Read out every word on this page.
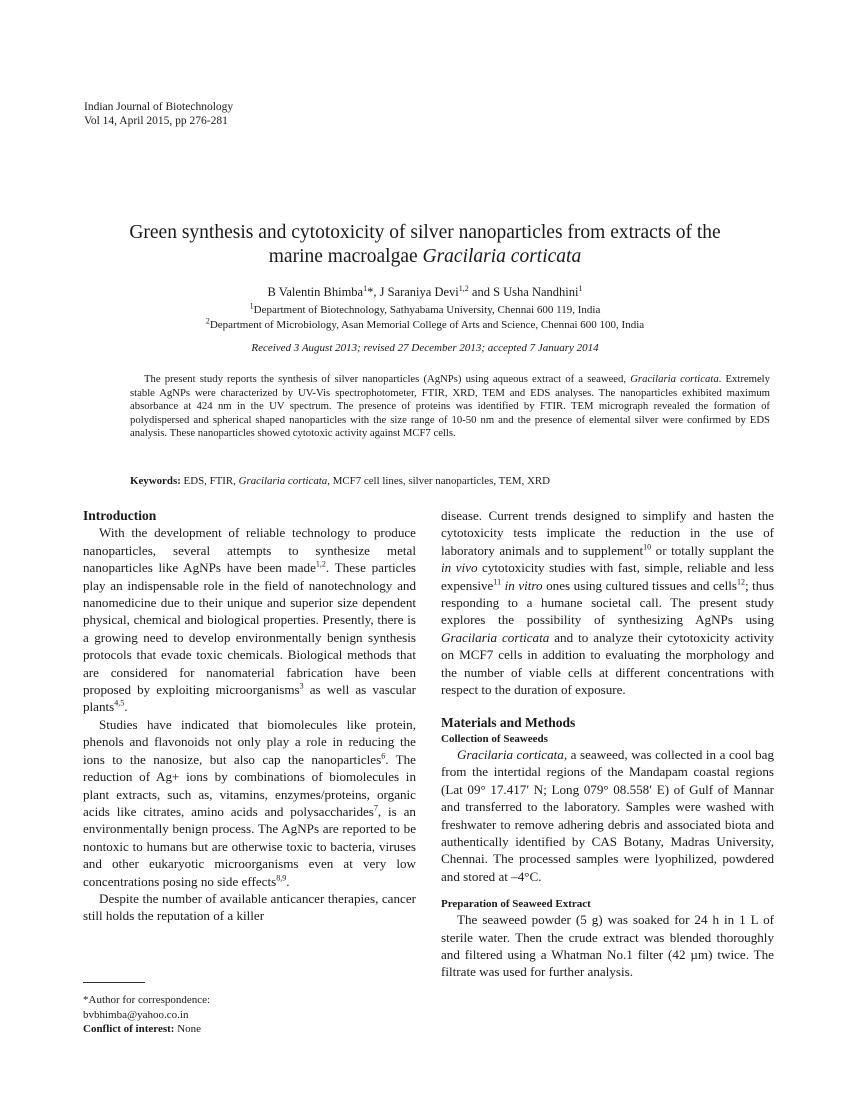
Indian Journal of Biotechnology
Vol 14, April 2015, pp 276-281
Green synthesis and cytotoxicity of silver nanoparticles from extracts of the
marine macroalgae Gracilaria corticata
B Valentin Bhimba$^1$*, J Saraniya Devi$^{1,2}$ and S Usha Nandhini$^1$
$^1$Department of Biotechnology, Sathyabama University, Chennai 600 119, India
$^2$Department of Microbiology, Asan Memorial College of Arts and Science, Chennai 600 100, India
Received 3 August 2013; revised 27 December 2013; accepted 7 January 2014
The present study reports the synthesis of silver nanoparticles (AgNPs) using aqueous extract of a seaweed, Gracilaria corticata. Extremely stable AgNPs were characterized by UV-Vis spectrophotometer, FTIR, XRD, TEM and EDS analyses. The nanoparticles exhibited maximum absorbance at 424 nm in the UV spectrum. The presence of proteins was identified by FTIR. TEM micrograph revealed the formation of polydispersed and spherical shaped nanoparticles with the size range of 10-50 nm and the presence of elemental silver were confirmed by EDS analysis. These nanoparticles showed cytotoxic activity against MCF7 cells.
Keywords: EDS, FTIR, Gracilaria corticata, MCF7 cell lines, silver nanoparticles, TEM, XRD
Introduction

With the development of reliable technology to produce nanoparticles, several attempts to synthesize metal nanoparticles like AgNPs have been made$^{1,2}$. These particles play an indispensable role in the field of nanotechnology and nanomedicine due to their unique and superior size dependent physical, chemical and biological properties. Presently, there is a growing need to develop environmentally benign synthesis protocols that evade toxic chemicals. Biological methods that are considered for nanomaterial fabrication have been proposed by exploiting microorganisms$^3$ as well as vascular plants$^{4,5}$.

Studies have indicated that biomolecules like protein, phenols and flavonoids not only play a role in reducing the ions to the nanosize, but also cap the nanoparticles$^6$. The reduction of Ag+ ions by combinations of biomolecules in plant extracts, such as, vitamins, enzymes/proteins, organic acids like citrates, amino acids and polysaccharides$^7$, is an environmentally benign process. The AgNPs are reported to be nontoxic to humans but are otherwise toxic to bacteria, viruses and other eukaryotic microorganisms even at very low concentrations posing no side effects$^{8,9}$.

Despite the number of available anticancer therapies, cancer still holds the reputation of a killer

*Author for correspondence:
bvbhimba@yahoo.co.in
Conflict of interest: None

disease. Current trends designed to simplify and hasten the cytotoxicity tests implicate the reduction in the use of laboratory animals and to supplement$^{10}$ or totally supplant the in vivo cytotoxicity studies with fast, simple, reliable and less expensive$^{11}$ in vitro ones using cultured tissues and cells$^{12}$; thus responding to a humane societal call. The present study explores the possibility of synthesizing AgNPs using Gracilaria corticata and to analyze their cytotoxicity activity on MCF7 cells in addition to evaluating the morphology and the number of viable cells at different concentrations with respect to the duration of exposure.

Materials and Methods
Collection of Seaweeds

Gracilaria corticata, a seaweed, was collected in a cool bag from the intertidal regions of the Mandapam coastal regions (Lat 09° 17.417′ N; Long 079° 08.558′ E) of Gulf of Mannar and transferred to the laboratory. Samples were washed with freshwater to remove adhering debris and associated biota and authentically identified by CAS Botany, Madras University, Chennai. The processed samples were lyophilized, powdered and stored at –4°C.

Preparation of Seaweed Extract

The seaweed powder (5 g) was soaked for 24 h in 1 L of sterile water. Then the crude extract was blended thoroughly and filtered using a Whatman No.1 filter (42 µm) twice. The filtrate was used for further analysis.
